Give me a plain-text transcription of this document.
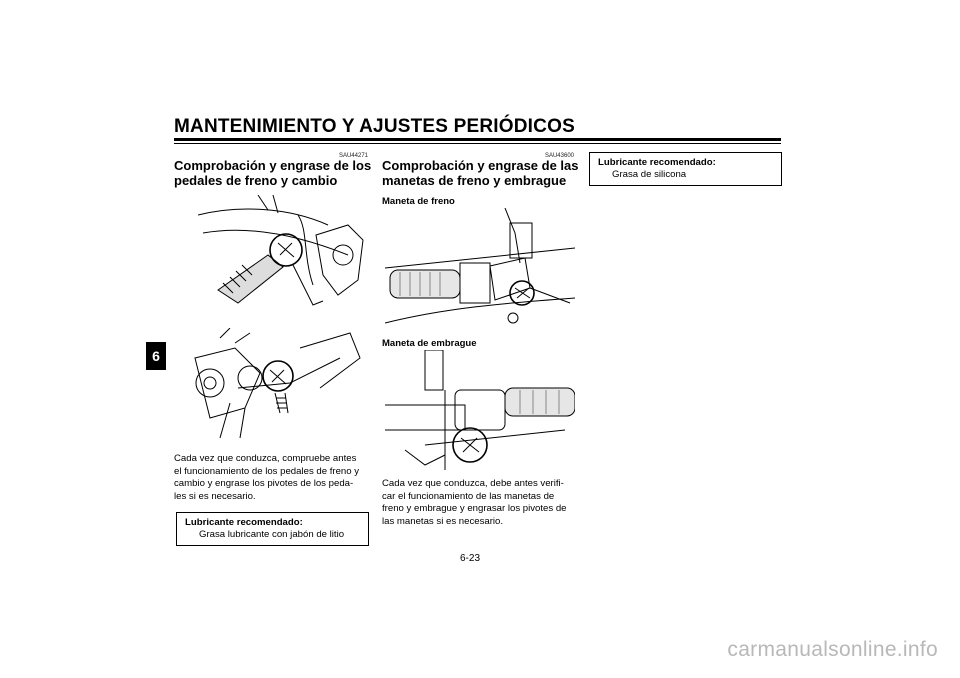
MANTENIMIENTO Y AJUSTES PERIÓDICOS
6
SAU44271
Comprobación y engrase de los
pedales de freno y cambio
Cada vez que conduzca, compruebe antes
el funcionamiento de los pedales de freno y
cambio y engrase los pivotes de los peda-
les si es necesario.
Lubricante recomendado:
Grasa lubricante con jabón de litio
SAU43600
Comprobación y engrase de las
manetas de freno y embrague
Maneta de freno
Maneta de embrague
Cada vez que conduzca, debe antes verifi-
car el funcionamiento de las manetas de
freno y embrague y engrasar los pivotes de
las manetas si es necesario.
Lubricante recomendado:
Grasa de silicona
6-23
carmanualsonline.info
